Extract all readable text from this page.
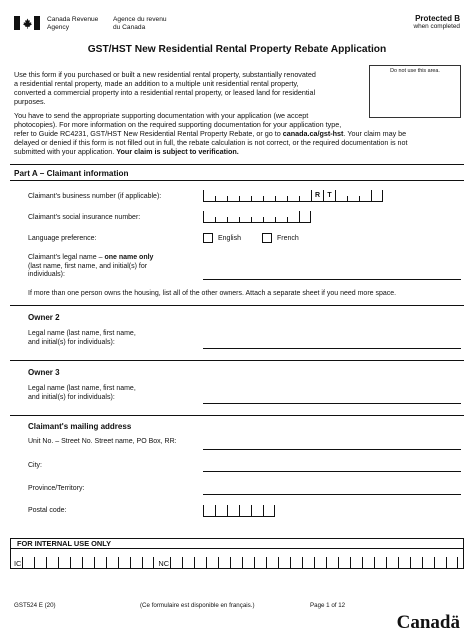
Canada Revenue
Agency
Agence du revenu
du Canada
Protected B
when completed
GST/HST New Residential Rental Property Rebate Application
Do not use this area.
Use this form if you purchased or built a new residential rental property, substantially renovated
a residential rental property, made an addition to a multiple unit residential rental property,
converted a commercial property into a residential rental property, or leased land for residential
purposes.
You have to send the appropriate supporting documentation with your application (we accept
photocopies). For more information on the required supporting documentation for your application type,
refer to Guide RC4231, GST/HST New Residential Rental Property Rebate, or go to canada.ca/gst-hst. Your claim may be
delayed or denied if this form is not filled out in full, the rebate calculation is not correct, or the required documentation is not
submitted with your application. Your claim is subject to verification.
Part A – Claimant information
Claimant's business number (if applicable):	R	T
Claimant's social insurance number:
Language preference:	English	French
Claimant's legal name – one name only
(last name, first name, and initial(s) for
individuals):
If more than one person owns the housing, list all of the other owners. Attach a separate sheet if you need more space.
Owner 2
Legal name (last name, first name,
and initial(s) for individuals):
Owner 3
Legal name (last name, first name,
and initial(s) for individuals):
Claimant's mailing address
Unit No. – Street No. Street name, PO Box, RR:
City:
Province/Territory:
Postal code:
FOR INTERNAL USE ONLY
IC	NC
GST524 E (20)	(Ce formulaire est disponible en français.)	Page 1 of 12
Canadä
